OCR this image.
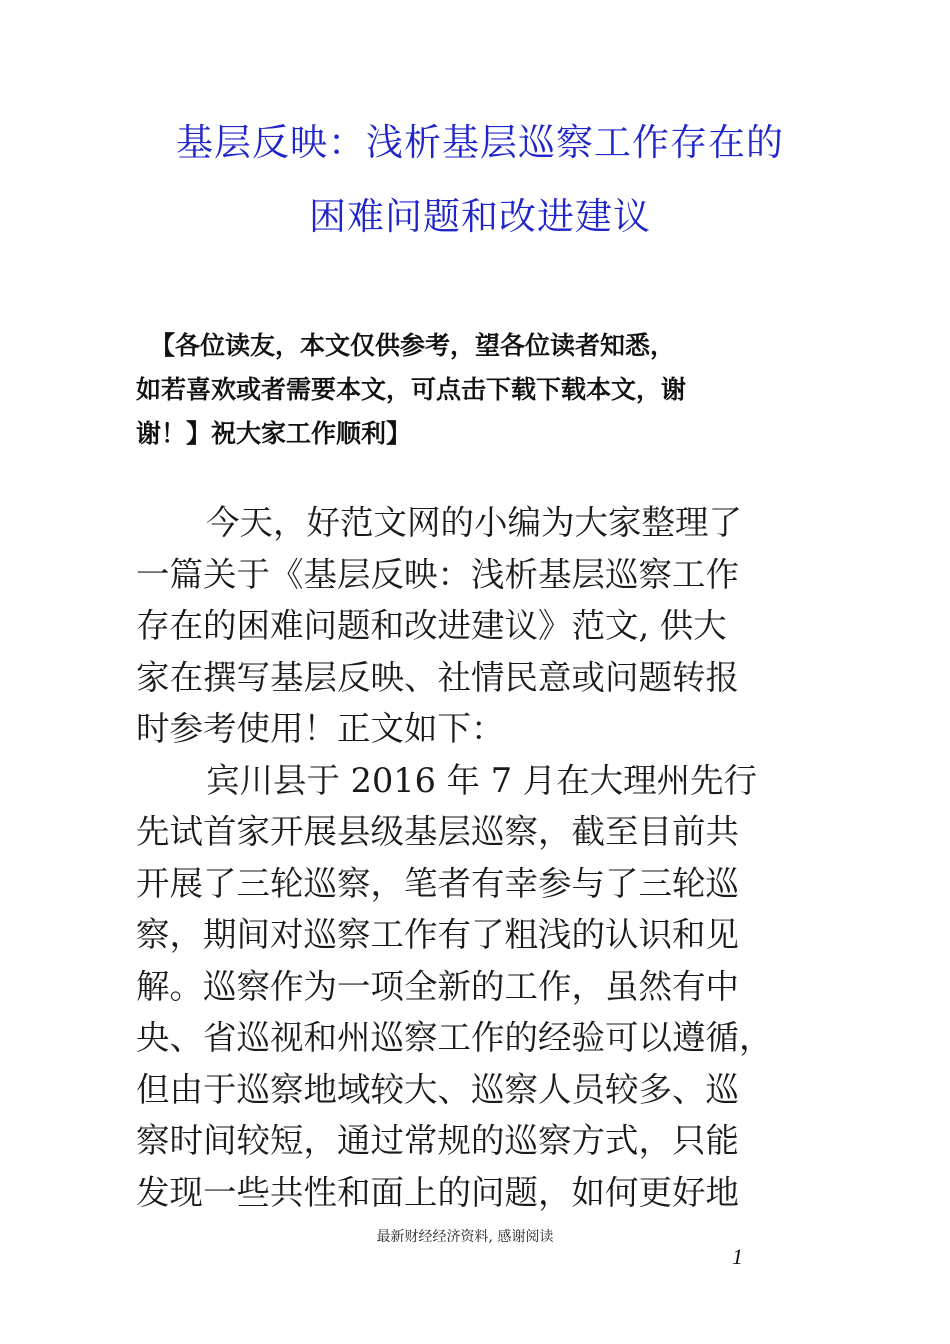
基层反映：浅析基层巡察工作存在的
困难问题和改进建议
【各位读友，本文仅供参考，望各位读者知悉，
如若喜欢或者需要本文，可点击下载下载本文，谢
谢！】祝大家工作顺利】
今天，好范文网的小编为大家整理了
一篇关于《基层反映：浅析基层巡察工作
存在的困难问题和改进建议》范文, 供大
家在撰写基层反映、社情民意或问题转报
时参考使用！正文如下：
宾川县于 2016 年 7 月在大理州先行
先试首家开展县级基层巡察，截至目前共
开展了三轮巡察，笔者有幸参与了三轮巡
察，期间对巡察工作有了粗浅的认识和见
解。巡察作为一项全新的工作，虽然有中
央、省巡视和州巡察工作的经验可以遵循，
但由于巡察地域较大、巡察人员较多、巡
察时间较短，通过常规的巡察方式，只能
发现一些共性和面上的问题，如何更好地
最新财经经济资料, 感谢阅读
1
